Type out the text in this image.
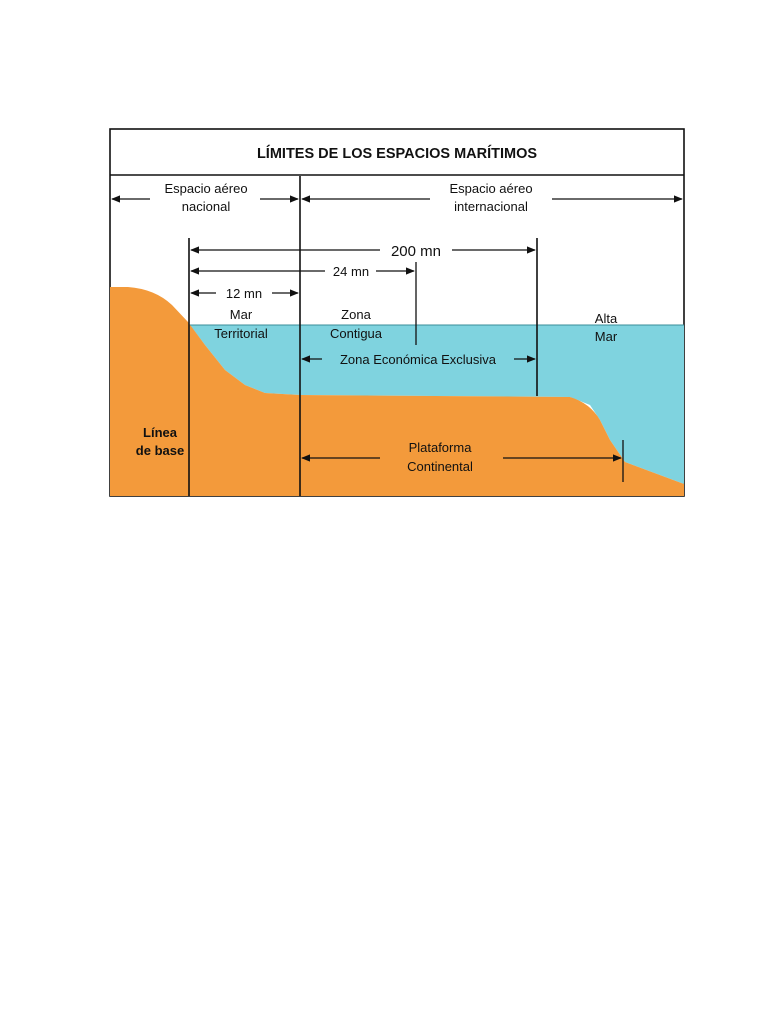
LÍMITES DE LOS ESPACIOS MARÍTIMOS
Espacio aéreo
nacional
Espacio aéreo
internacional
200 mn
24 mn
12 mn
Mar
Territorial
Zona
Contigua
Zona Económica Exclusiva
Alta
Mar
Línea
de base	Plataforma
Continental
